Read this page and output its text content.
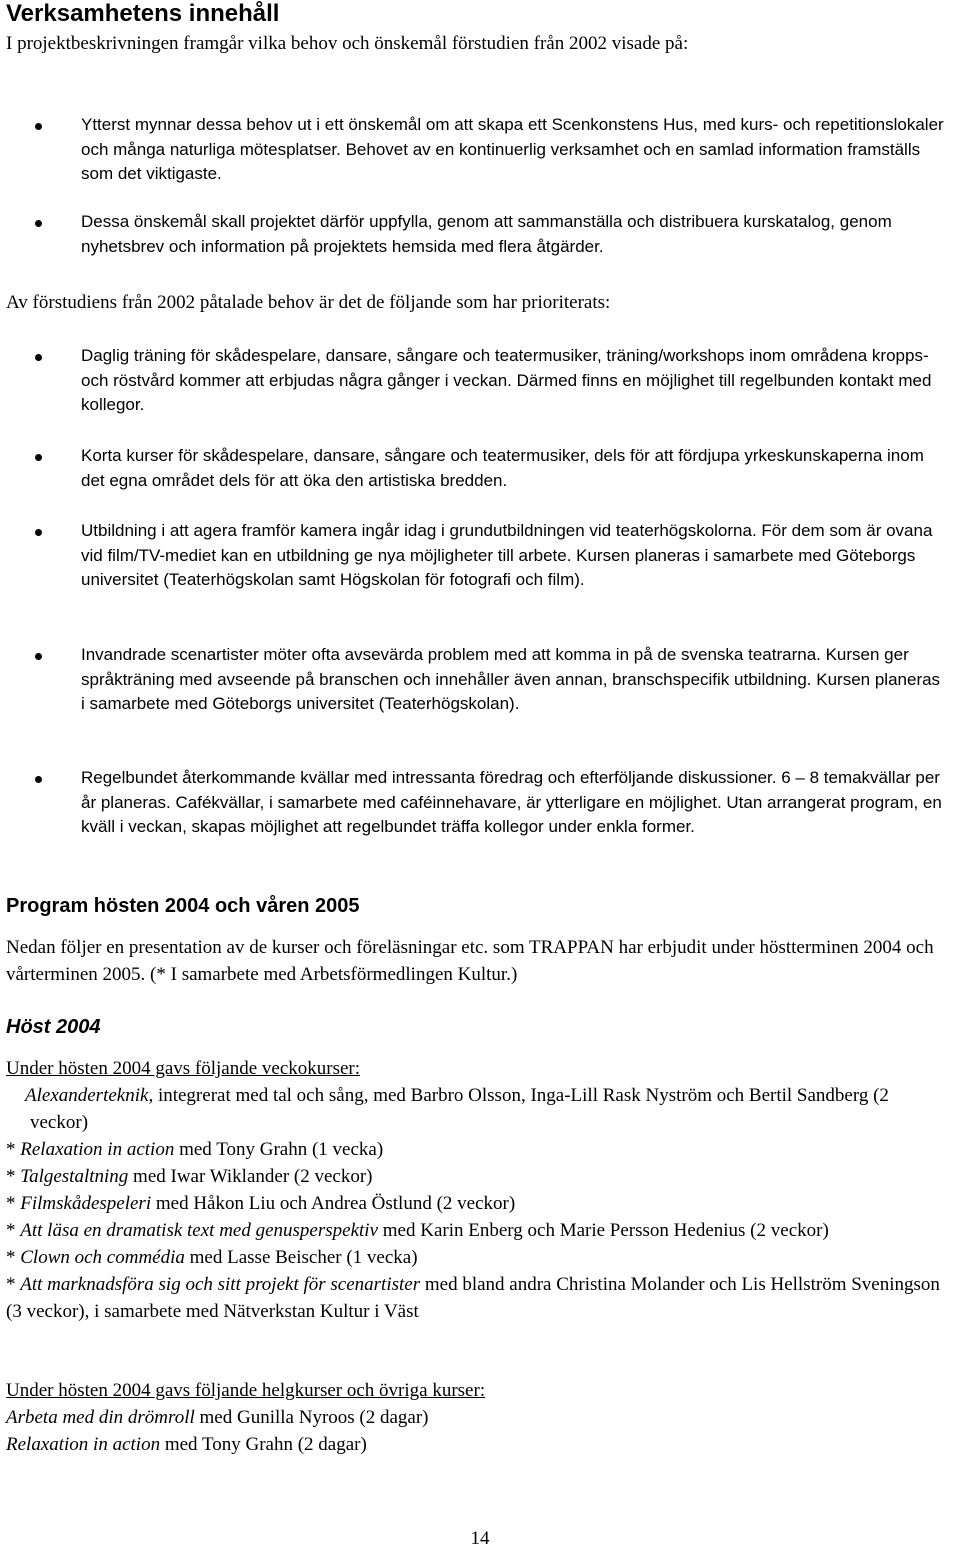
Verksamhetens innehåll

I projektbeskrivningen framgår vilka behov och önskemål förstudien från 2002 visade på:

Ytterst mynnar dessa behov ut i ett önskemål om att skapa ett Scenkonstens Hus, med kurs- och repetitionslokaler och många naturliga mötesplatser. Behovet av en kontinuerlig verksamhet och en samlad information framställs som det viktigaste.
Dessa önskemål skall projektet därför uppfylla, genom att sammanställa och distribuera kurskatalog, genom nyhetsbrev och information på projektets hemsida med flera åtgärder.

Av förstudiens från 2002 påtalade behov är det de följande som har prioriterats:

Daglig träning för skådespelare, dansare, sångare och teatermusiker, träning/workshops inom områdena kropps- och röstvård kommer att erbjudas några gånger i veckan. Därmed finns en möjlighet till regelbunden kontakt med kollegor.
Korta kurser för skådespelare, dansare, sångare och teatermusiker, dels för att fördjupa yrkeskunskaperna inom det egna området dels för att öka den artistiska bredden.
Utbildning i att agera framför kamera ingår idag i grundutbildningen vid teaterhögskolorna. För dem som är ovana vid film/TV-mediet kan en utbildning ge nya möjligheter till arbete. Kursen planeras i samarbete med Göteborgs universitet (Teaterhögskolan samt Högskolan för fotografi och film).
Invandrade scenartister möter ofta avsevärda problem med att komma in på de svenska teatrarna. Kursen ger språkträning med avseende på branschen och innehåller även annan, branschspecifik utbildning. Kursen planeras i samarbete med Göteborgs universitet (Teaterhögskolan).
Regelbundet återkommande kvällar med intressanta föredrag och efterföljande diskussioner. 6 – 8 temakvällar per år planeras. Cafékvällar, i samarbete med caféinnehavare, är ytterligare en möjlighet. Utan arrangerat program, en kväll i veckan, skapas möjlighet att regelbundet träffa kollegor under enkla former.
Program hösten 2004 och våren 2005

Nedan följer en presentation av de kurser och föreläsningar etc. som TRAPPAN har erbjudit under höstterminen 2004 och vårterminen 2005. (* I samarbete med Arbetsförmedlingen Kultur.)

Höst 2004
Under hösten 2004 gavs följande veckokurser:
Alexanderteknik, integrerat med tal och sång, med Barbro Olsson, Inga-Lill Rask Nyström och Bertil Sandberg (2 veckor)
* Relaxation in action med Tony Grahn (1 vecka)
* Talgestaltning med Iwar Wiklander (2 veckor)
* Filmskådespeleri med Håkon Liu och Andrea Östlund (2 veckor)
* Att läsa en dramatisk text med genusperspektiv med Karin Enberg och Marie Persson Hedenius (2 veckor)
* Clown och commédia med Lasse Beischer (1 vecka)
* Att marknadsföra sig och sitt projekt för scenartister med bland andra Christina Molander och Lis Hellström Sveningson (3 veckor), i samarbete med Nätverkstan Kultur i Väst
Under hösten 2004 gavs följande helgkurser och övriga kurser:
Arbeta med din drömroll med Gunilla Nyroos (2 dagar)
Relaxation in action med Tony Grahn (2 dagar)
14
